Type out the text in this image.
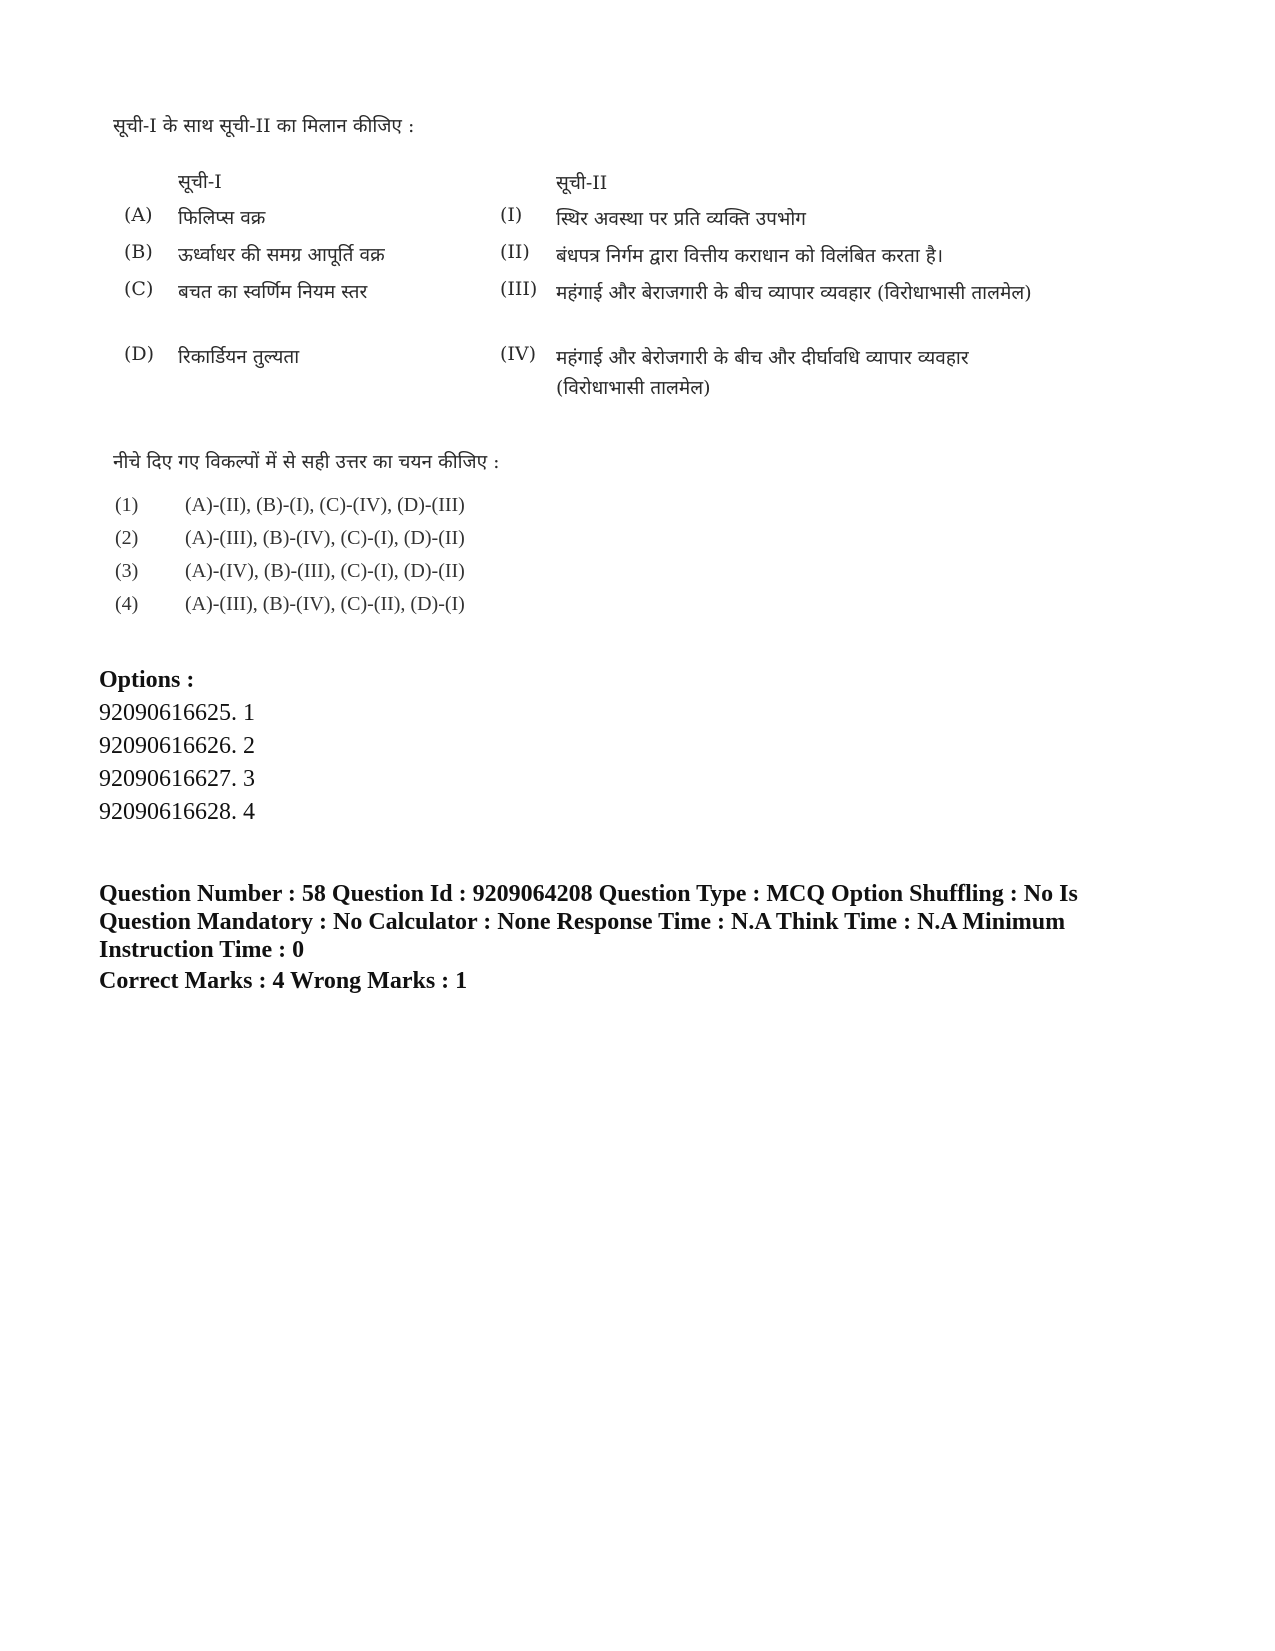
सूची-I के साथ सूची-II का मिलान कीजिए :
सूची-I	सूची-II
(A) फिलिप्स वक्र	(I) स्थिर अवस्था पर प्रति व्यक्ति उपभोग
(B) ऊर्ध्वाधर की समग्र आपूर्ति वक्र	(II) बंधपत्र निर्गम द्वारा वित्तीय कराधान को विलंबित करता है।
(C) बचत का स्वर्णिम नियम स्तर	(III) महंगाई और बेराजगारी के बीच व्यापार व्यवहार (विरोधाभासी तालमेल)
(D) रिकार्डियन तुल्यता	(IV) महंगाई और बेरोजगारी के बीच और दीर्घावधि व्यापार व्यवहार (विरोधाभासी तालमेल)
नीचे दिए गए विकल्पों में से सही उत्तर का चयन कीजिए :
(1) (A)-(II), (B)-(I), (C)-(IV), (D)-(III)
(2) (A)-(III), (B)-(IV), (C)-(I), (D)-(II)
(3) (A)-(IV), (B)-(III), (C)-(I), (D)-(II)
(4) (A)-(III), (B)-(IV), (C)-(II), (D)-(I)
Options :
92090616625. 1
92090616626. 2
92090616627. 3
92090616628. 4
Question Number : 58 Question Id : 9209064208 Question Type : MCQ Option Shuffling : No Is Question Mandatory : No Calculator : None Response Time : N.A Think Time : N.A Minimum Instruction Time : 0
Correct Marks : 4 Wrong Marks : 1
